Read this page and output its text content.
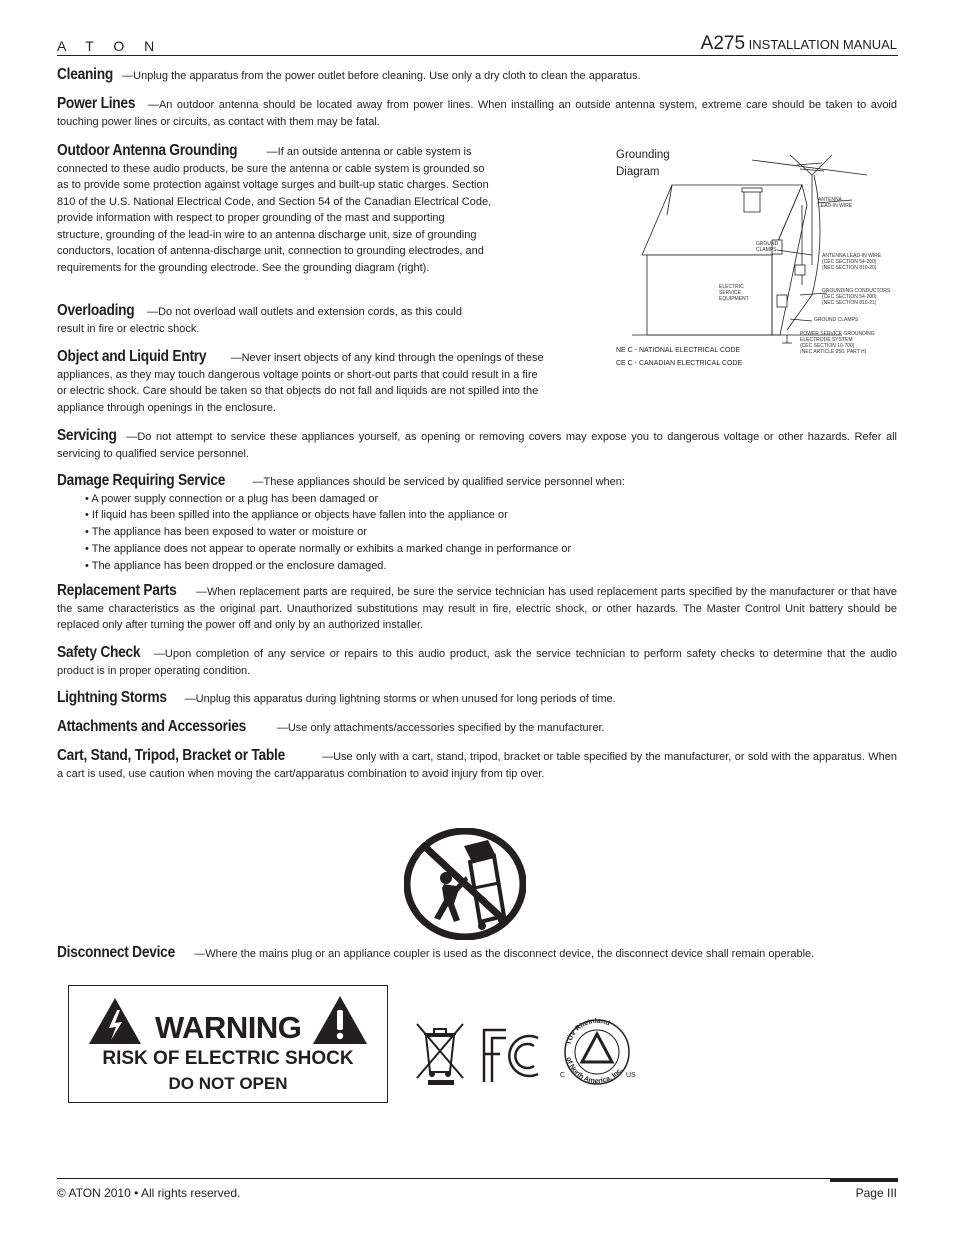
A T O N	A275 INSTALLATION MANUAL
Cleaning —Unplug the apparatus from the power outlet before cleaning. Use only a dry cloth to clean the apparatus.
Power Lines —An outdoor antenna should be located away from power lines. When installing an outside antenna system, extreme care should be taken to avoid touching power lines or circuits, as contact with them may be fatal.
Outdoor Antenna Grounding	—If an outside antenna or cable system is connected to these audio products, be sure the antenna or cable system is grounded so as to provide some protection against voltage surges and built-up static charges. Section 810 of the U.S. National Electrical Code, and Section 54 of the Canadian Electrical Code, provide information with respect to proper grounding of the mast and supporting structure, grounding of the lead-in wire to an antenna discharge unit, size of grounding conductors, location of antenna-discharge unit, connection to grounding electrodes, and requirements for the grounding electrode. See the grounding diagram (right).
Overloading —Do not overload wall outlets and extension cords, as this could result in fire or electric shock.
Object and Liquid Entry —Never insert objects of any kind through the openings of these appliances, as they may touch dangerous voltage points or short-out parts that could result in a fire or electric shock. Care should be taken so that objects do not fall and liquids are not spilled into the appliance through openings in the enclosure.
Grounding
Diagram
ANTENNA
LEAD-IN WIRE
GROUND
CLAMPS
ANTENNA LEAD-IN WIRE
(CEC SECTION 54-200)
(NEC SECTION 810-20)
ELECTRIC
SERVICE
EQUIPMENT
GROUNDING CONDUCTORS
(CEC SECTION 54-200)
(NEC SECTION 810-21)
GROUND CLAMPS
POWER SERVICE GROUNDING
ELECTRODE SYSTEM
(CEC SECTION 10-700)
(NEC ARTICLE 250, PART H)
NE C - NATIONAL ELECTRICAL CODE
CE C - CANADIAN ELECTRICAL CODE
Servicing —Do not attempt to service these appliances yourself, as opening or removing covers may expose you to dangerous voltage or other hazards. Refer all servicing to qualified service personnel.
Damage Requiring Service —These appliances should be serviced by qualified service personnel when:
• A power supply connection or a plug has been damaged or
• If liquid has been spilled into the appliance or objects have fallen into the appliance or
• The appliance has been exposed to water or moisture or
• The appliance does not appear to operate normally or exhibits a marked change in performance or
• The appliance has been dropped or the enclosure damaged.
Replacement Parts —When replacement parts are required, be sure the service technician has used replacement parts specified by the manufacturer or that have the same characteristics as the original part. Unauthorized substitutions may result in fire, electric shock, or other hazards. The Master Control Unit battery should be replaced only after turning the power off and only by an authorized installer.
Safety Check —Upon completion of any service or repairs to this audio product, ask the service technician to perform safety checks to determine that the audio product is in proper operating condition.
Lightning Storms —Unplug this apparatus during lightning storms or when unused for long periods of time.
Attachments and Accessories	—Use only attachments/accessories specified by the manufacturer.
Cart, Stand, Tripod, Bracket or Table	—Use only with a cart, stand, tripod, bracket or table specified by the manufacturer, or sold with the apparatus. When a cart is used, use caution when moving the cart/apparatus combination to avoid injury from tip over.
Disconnect Device —Where the mains plug or an appliance coupler is used as the disconnect device, the disconnect device shall remain operable.
WARNING
RISK OF ELECTRIC SHOCK
DO NOT OPEN
TÜV Rheinland
of North America, Inc.
C	US
© ATON 2010 • All rights reserved.	Page III
